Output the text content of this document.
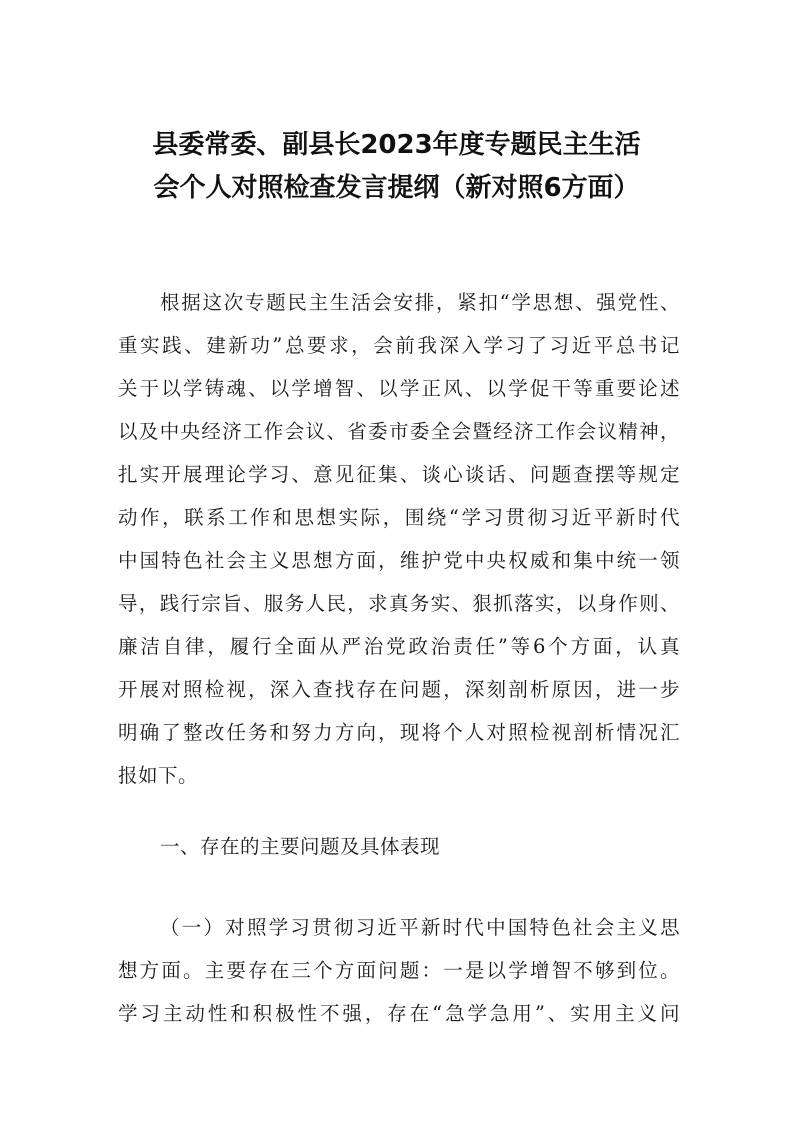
县委常委、副县长2023年度专题民主生活
会个人对照检查发言提纲（新对照6方面）
根据这次专题民主生活会安排，紧扣“学思想、强党性、
重实践、建新功”总要求，会前我深入学习了习近平总书记
关于以学铸魂、以学增智、以学正风、以学促干等重要论述
以及中央经济工作会议、省委市委全会暨经济工作会议精神，
扎实开展理论学习、意见征集、谈心谈话、问题查摆等规定
动作，联系工作和思想实际，围绕“学习贯彻习近平新时代
中国特色社会主义思想方面，维护党中央权威和集中统一领
导，践行宗旨、服务人民，求真务实、狠抓落实，以身作则、
廉洁自律，履行全面从严治党政治责任”等6个方面，认真
开展对照检视，深入查找存在问题，深刻剖析原因，进一步
明确了整改任务和努力方向，现将个人对照检视剖析情况汇
报如下。
一、存在的主要问题及具体表现
（一）对照学习贯彻习近平新时代中国特色社会主义思
想方面。主要存在三个方面问题：一是以学增智不够到位。
学习主动性和积极性不强，存在“急学急用”、实用主义问
